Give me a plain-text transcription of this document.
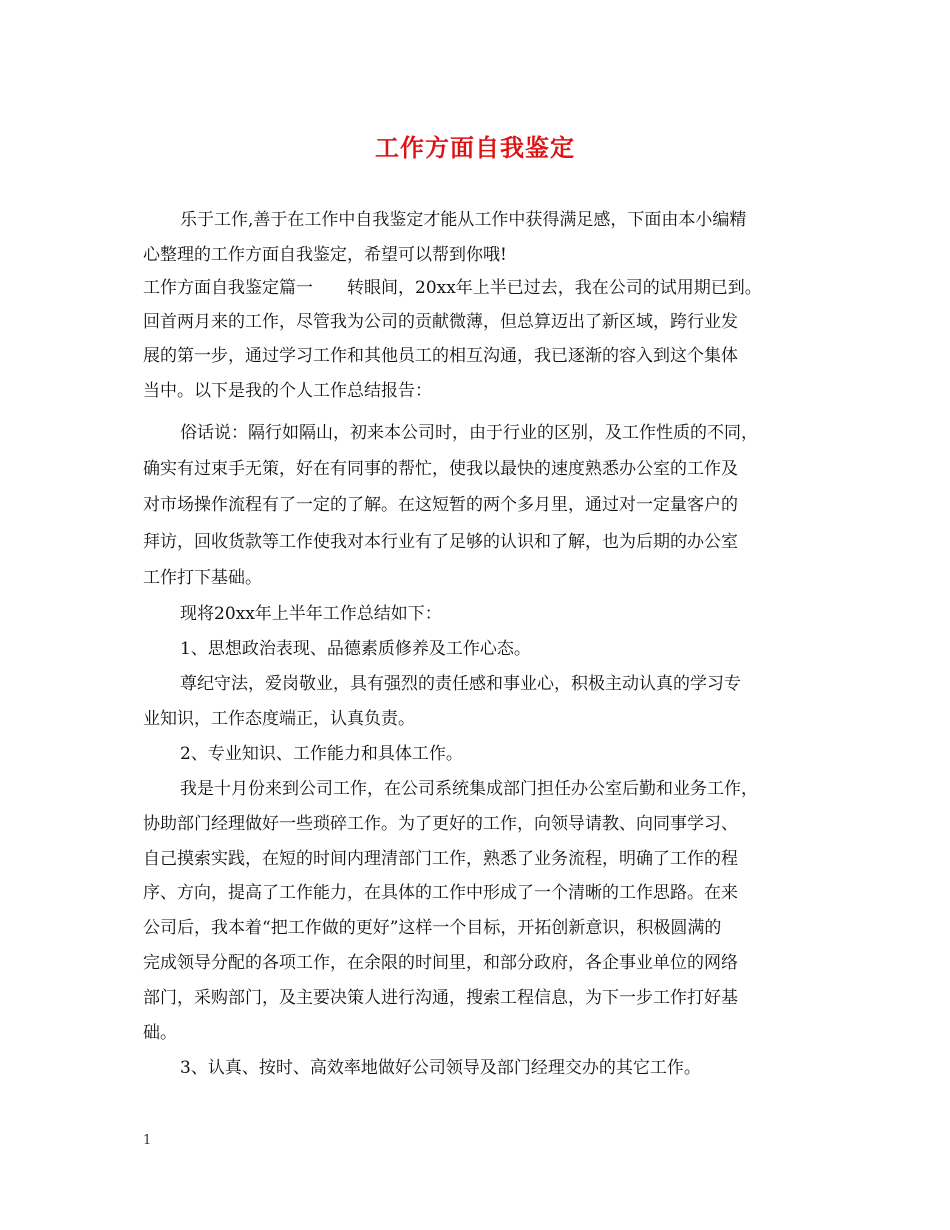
工作方面自我鉴定
乐于工作,善于在工作中自我鉴定才能从工作中获得满足感，下面由本小编精
心整理的工作方面自我鉴定，希望可以帮到你哦!
工作方面自我鉴定篇一　　转眼间，20xx年上半已过去，我在公司的试用期已到。
回首两月来的工作，尽管我为公司的贡献微薄，但总算迈出了新区域，跨行业发
展的第一步，通过学习工作和其他员工的相互沟通，我已逐渐的容入到这个集体
当中。以下是我的个人工作总结报告：
俗话说：隔行如隔山，初来本公司时，由于行业的区别，及工作性质的不同，
确实有过束手无策，好在有同事的帮忙，使我以最快的速度熟悉办公室的工作及
对市场操作流程有了一定的了解。在这短暂的两个多月里，通过对一定量客户的
拜访，回收货款等工作使我对本行业有了足够的认识和了解，也为后期的办公室
工作打下基础。
现将20xx年上半年工作总结如下：
1、思想政治表现、品德素质修养及工作心态。
尊纪守法，爱岗敬业，具有强烈的责任感和事业心，积极主动认真的学习专
业知识，工作态度端正，认真负责。
2、专业知识、工作能力和具体工作。
我是十月份来到公司工作，在公司系统集成部门担任办公室后勤和业务工作，
协助部门经理做好一些琐碎工作。为了更好的工作，向领导请教、向同事学习、
自己摸索实践，在短的时间内理清部门工作，熟悉了业务流程，明确了工作的程
序、方向，提高了工作能力，在具体的工作中形成了一个清晰的工作思路。在来
公司后，我本着“把工作做的更好”这样一个目标，开拓创新意识，积极圆满的
完成领导分配的各项工作，在余限的时间里，和部分政府，各企事业单位的网络
部门，采购部门，及主要决策人进行沟通，搜索工程信息，为下一步工作打好基
础。
3、认真、按时、高效率地做好公司领导及部门经理交办的其它工作。
1
